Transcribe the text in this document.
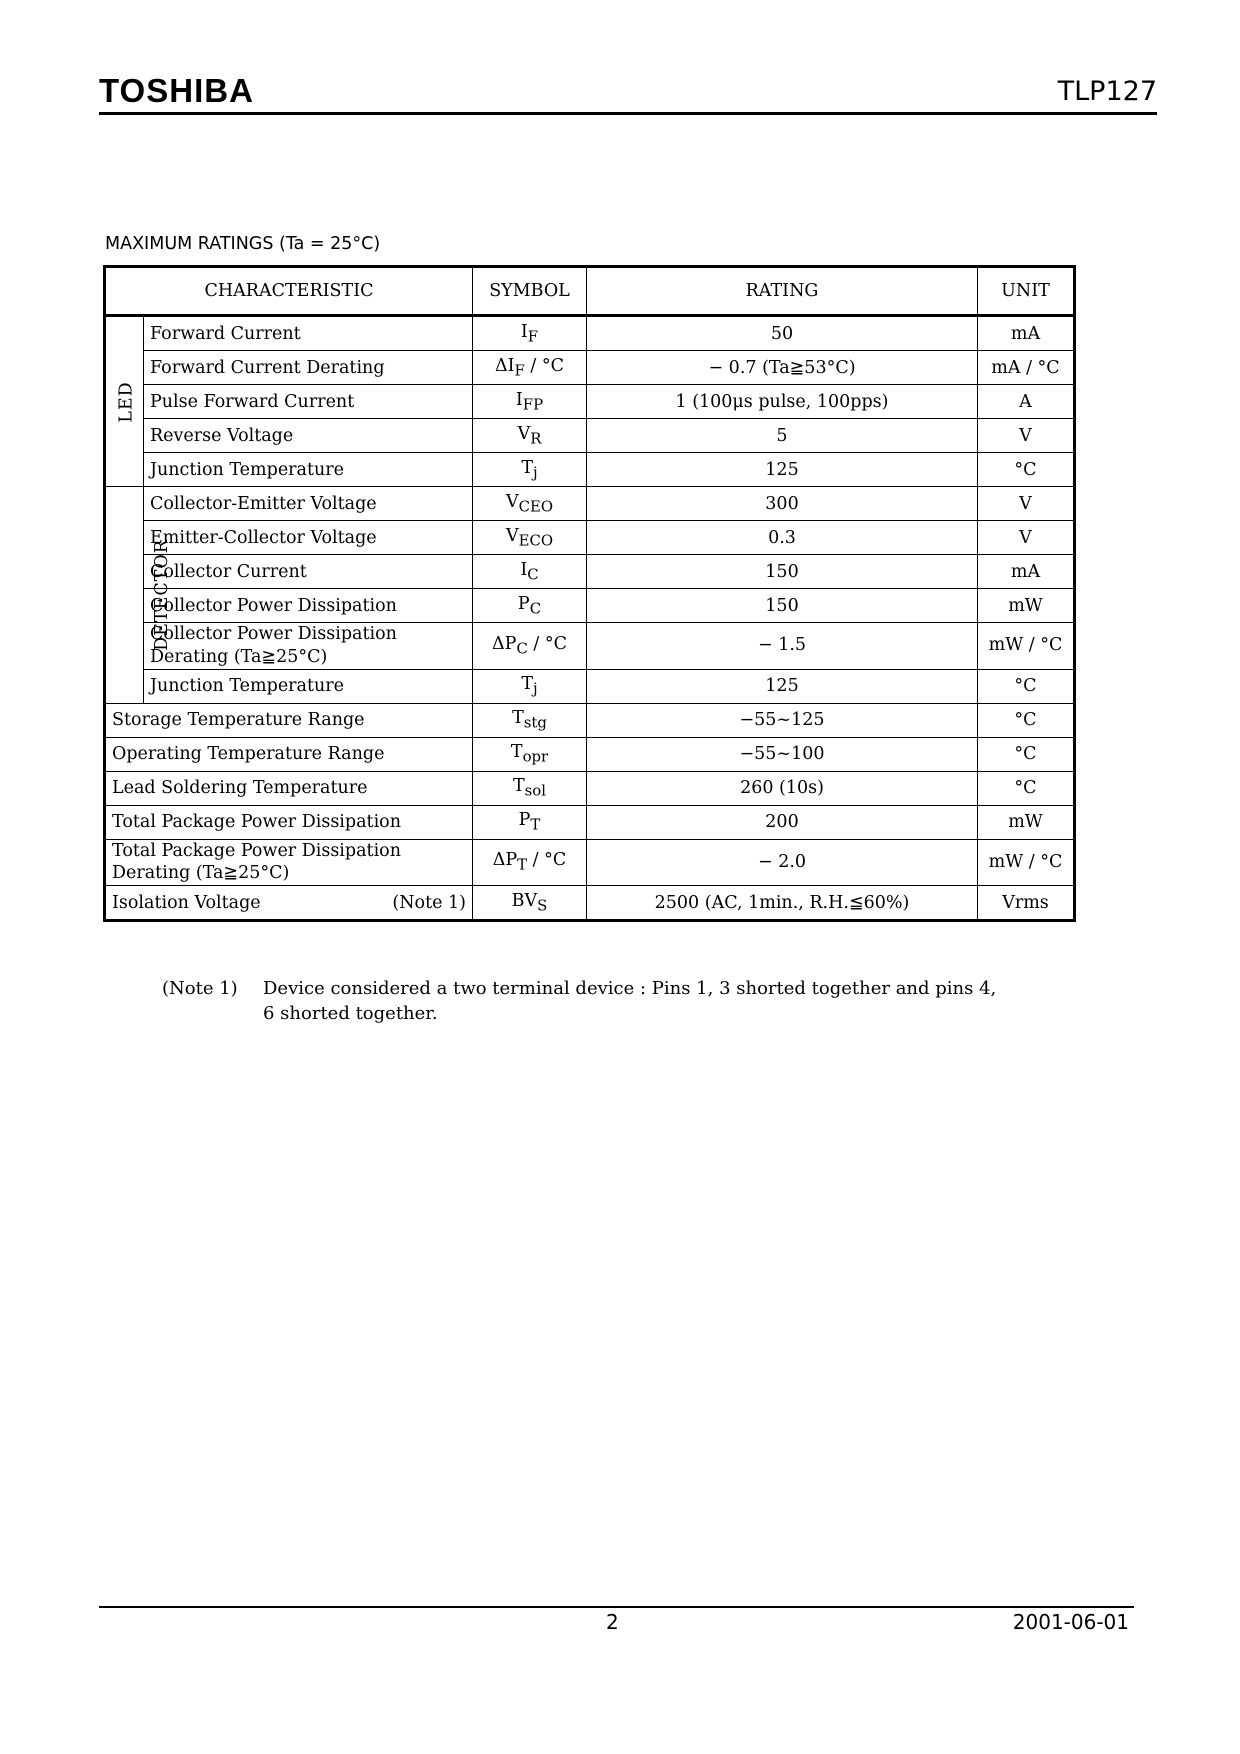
TOSHIBA	TLP127
MAXIMUM RATINGS (Ta = 25°C)
CHARACTERISTIC		SYMBOL	RATING	UNIT
LED	Forward Current	$I_F$	50	mA
	Forward Current Derating	$\Delta I_F / ^\circ C$	− 0.7 (Ta≧53°C)	mA / °C
	Pulse Forward Current	$I_{FP}$	1 (100μs pulse, 100pps)	A
	Reverse Voltage	$V_R$	5	V
	Junction Temperature	$T_j$	125	°C
DETECTOR	Collector-Emitter Voltage	$V_{CEO}$	300	V
	Emitter-Collector Voltage	$V_{ECO}$	0.3	V
	Collector Current	$I_C$	150	mA
	Collector Power Dissipation	$P_C$	150	mW
	Collector Power Dissipation
Derating (Ta≧25°C)	$\Delta P_C / ^\circ C$	− 1.5	mW / °C
	Junction Temperature	$T_j$	125	°C
Storage Temperature Range		$T_{stg}$	−55~125	°C
Operating Temperature Range		$T_{opr}$	−55~100	°C
Lead Soldering Temperature		$T_{sol}$	260 (10s)	°C
Total Package Power Dissipation		$P_T$	200	mW
Total Package Power Dissipation
Derating (Ta≧25°C)		$\Delta P_T / ^\circ C$	− 2.0	mW / °C
Isolation Voltage (Note 1)		$BV_S$	2500 (AC, 1min., R.H.≦60%)	Vrms
(Note 1) Device considered a two terminal device : Pins 1, 3 shorted together and pins 4, 6 shorted together.
2	2001-06-01
